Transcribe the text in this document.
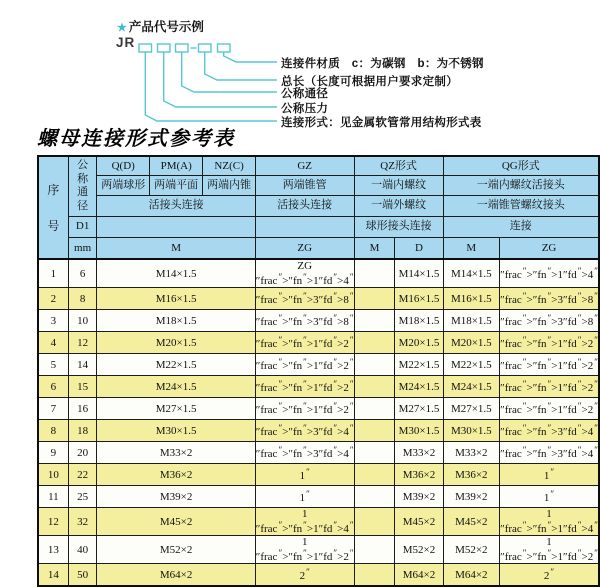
★ 产品代号示例
JR
连接件材质　c：为碳钢　b：为不锈钢
总长（长度可根据用户要求定制）
公称通径
公称压力
连接形式：见金属软管常用结构形式表
螺母连接形式参考表
序号	公称通径	Q(D)	PM(A)	NZ(C)	GZ	QZ形式		QG形式	
		两端球形	两端平面	两端内锥	两端锥管	一端内螺纹		一端内螺纹活接头	
		活接头连接			活接头连接	一端外螺纹		一端锥管螺纹接头	
	D1					球形接头连接		连接	
	mm	M			ZG	M	D	M	ZG
1	6	M14×1.5			ZG ″frac″>″fn″>1″fd″>4″		M14×1.5	M14×1.5	″frac″>″fn″>1″fd″>4″
2	8	M16×1.5			″frac″>″fn″>3″fd″>8″		M16×1.5	M16×1.5	″frac″>″fn″>3″fd″>8″
3	10	M18×1.5			″frac″>″fn″>3″fd″>8″		M18×1.5	M18×1.5	″frac″>″fn″>3″fd″>8″
4	12	M20×1.5			″frac″>″fn″>1″fd″>2″		M20×1.5	M20×1.5	″frac″>″fn″>1″fd″>2″
5	14	M22×1.5			″frac″>″fn″>1″fd″>2″		M22×1.5	M22×1.5	″frac″>″fn″>1″fd″>2″
6	15	M24×1.5			″frac″>″fn″>1″fd″>2″		M24×1.5	M24×1.5	″frac″>″fn″>1″fd″>2″
7	16	M27×1.5			″frac″>″fn″>1″fd″>2″		M27×1.5	M27×1.5	″frac″>″fn″>1″fd″>2″
8	18	M30×1.5			″frac″>″fn″>3″fd″>4″		M30×1.5	M30×1.5	″frac″>″fn″>3″fd″>4″
9	20	M33×2			″frac″>″fn″>3″fd″>4″		M33×2	M33×2	″frac″>″fn″>3″fd″>4″
10	22	M36×2			1″		M36×2	M36×2	1″
11	25	M39×2			1″		M39×2	M39×2	1″
12	32	M45×2			1 ″frac″>″fn″>1″fd″>4″		M45×2	M45×2	1 ″frac″>″fn″>1″fd″>4″
13	40	M52×2			1 ″frac″>″fn″>1″fd″>2″		M52×2	M52×2	1 ″frac″>″fn″>1″fd″>2″
14	50	M64×2			2″		M64×2	M64×2	2″
